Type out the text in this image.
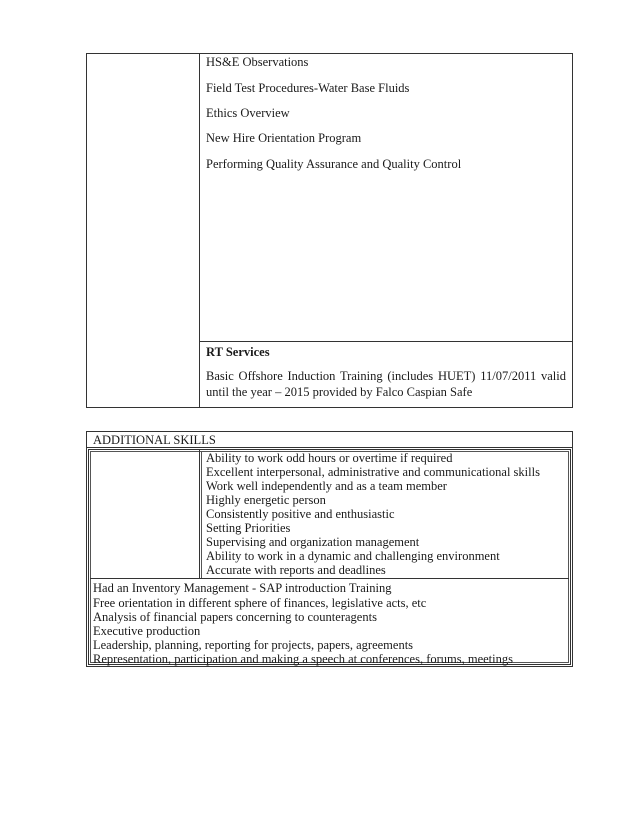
HS&E Observations
Field Test Procedures-Water Base Fluids
Ethics Overview
New Hire Orientation Program
Performing Quality Assurance and Quality Control
RT Services
Basic Offshore Induction Training (includes HUET) 11/07/2011 valid until the year – 2015 provided by Falco Caspian Safe
ADDITIONAL SKILLS
Ability to work odd hours or overtime if required
Excellent interpersonal, administrative and communicational skills
Work well independently and as a team member
Highly energetic person
Consistently positive and enthusiastic
Setting Priorities
Supervising and organization management
Ability to work in a dynamic and challenging environment
Accurate with reports and deadlines
Had an Inventory Management - SAP introduction Training
Free orientation in different sphere of finances, legislative acts, etc
Analysis of financial papers concerning to counteragents
Executive production
Leadership, planning, reporting for projects, papers, agreements
Representation, participation and making a speech at conferences, forums, meetings
